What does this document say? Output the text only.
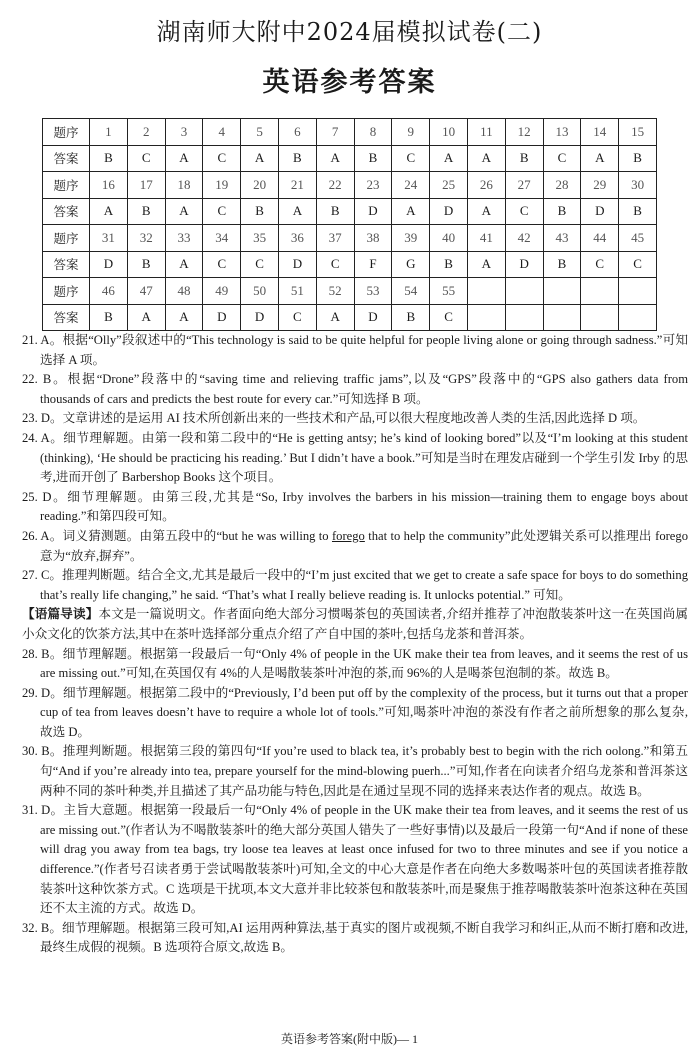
湖南师大附中2024届模拟试卷(二)
英语参考答案
题序	1	2	3	4	5	6	7	8	9	10	11	12	13	14	15
答案	B	C	A	C	A	B	A	B	C	A	A	B	C	A	B
题序	16	17	18	19	20	21	22	23	24	25	26	27	28	29	30
答案	A	B	A	C	B	A	B	D	A	D	A	C	B	D	B
题序	31	32	33	34	35	36	37	38	39	40	41	42	43	44	45
答案	D	B	A	C	C	D	C	F	G	B	A	D	B	C	C
题序	46	47	48	49	50	51	52	53	54	55					
答案	B	A	A	D	D	C	A	D	B	C					
21. A。根据“Olly”段叙述中的“This technology is said to be quite helpful for people living alone or going through sadness.”可知选择 A 项。
22. B。根据“Drone”段落中的“saving time and relieving traffic jams”,以及“GPS”段落中的“GPS also gathers data from thousands of cars and predicts the best route for every car.”可知选择 B 项。
23. D。文章讲述的是运用 AI 技术所创新出来的一些技术和产品,可以很大程度地改善人类的生活,因此选择 D 项。
24. A。细节理解题。由第一段和第二段中的“He is getting antsy; he’s kind of looking bored”以及“I’m looking at this student (thinking), ‘He should be practicing his reading.’ But I didn’t have a book.”可知是当时在理发店碰到一个学生引发 Irby 的思考,进而开创了 Barbershop Books 这个项目。
25. D。细节理解题。由第三段,尤其是“So, Irby involves the barbers in his mission—training them to engage boys about reading.”和第四段可知。
26. A。词义猜测题。由第五段中的“but he was willing to forego that to help the community”此处逻辑关系可以推理出 forego 意为“放弃,摒弃”。
27. C。推理判断题。结合全文,尤其是最后一段中的“I’m just excited that we get to create a safe space for boys to do something that’s really life changing,” he said. “That’s what I really believe reading is. It unlocks potential.” 可知。
【语篇导读】本文是一篇说明文。作者面向绝大部分习惯喝茶包的英国读者,介绍并推荐了冲泡散装茶叶这一在英国尚属小众文化的饮茶方法,其中在茶叶选择部分重点介绍了产自中国的茶叶,包括乌龙茶和普洱茶。
28. B。细节理解题。根据第一段最后一句“Only 4% of people in the UK make their tea from leaves, and it seems the rest of us are missing out.”可知,在英国仅有 4%的人是喝散装茶叶冲泡的茶,而 96%的人是喝茶包泡制的茶。故选 B。
29. D。细节理解题。根据第二段中的“Previously, I’d been put off by the complexity of the process, but it turns out that a proper cup of tea from leaves doesn’t have to require a whole lot of tools.”可知,喝茶叶冲泡的茶没有作者之前所想象的那么复杂,故选 D。
30. B。推理判断题。根据第三段的第四句“If you’re used to black tea, it’s probably best to begin with the rich oolong.”和第五句“And if you’re already into tea, prepare yourself for the mind-blowing puerh...”可知,作者在向读者介绍乌龙茶和普洱茶这两种不同的茶叶种类,并且描述了其产品功能与特色,因此是在通过呈现不同的选择来表达作者的观点。故选 B。
31. D。主旨大意题。根据第一段最后一句“Only 4% of people in the UK make their tea from leaves, and it seems the rest of us are missing out.”(作者认为不喝散装茶叶的绝大部分英国人错失了一些好事情)以及最后一段第一句“And if none of these will drag you away from tea bags, try loose tea leaves at least once infused for two to three minutes and see if you notice a difference.”(作者号召读者勇于尝试喝散装茶叶)可知,全文的中心大意是作者在向绝大多数喝茶叶包的英国读者推荐散装茶叶这种饮茶方式。C 选项是干扰项,本文大意并非比较茶包和散装茶叶,而是聚焦于推荐喝散装茶叶泡茶这种在英国还不太主流的方式。故选 D。
32. B。细节理解题。根据第三段可知,AI 运用两种算法,基于真实的图片或视频,不断自我学习和纠正,从而不断打磨和改进,最终生成假的视频。B 选项符合原文,故选 B。
英语参考答案(附中版)— 1
